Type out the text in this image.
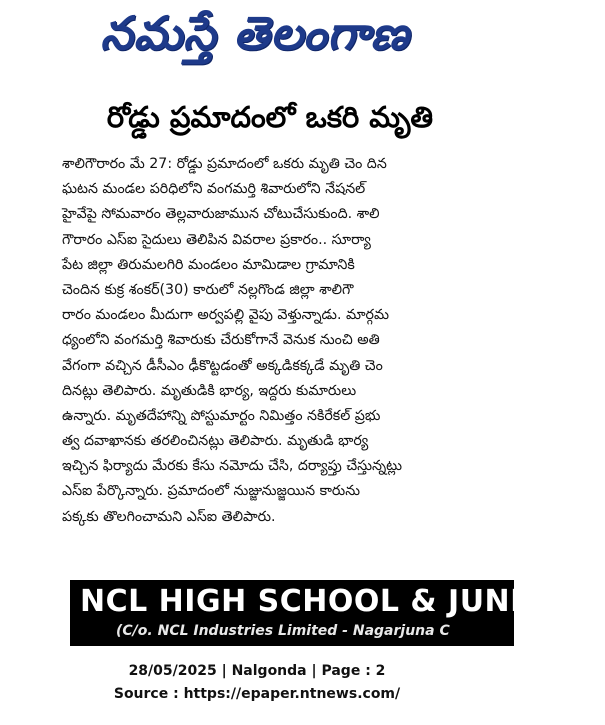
నమస్తే తెలంగాణ
రోడ్డు ప్రమాదంలో ఒకరి మృతి
శాలిగౌరారం మే 27: రోడ్డు ప్రమాదంలో ఒకరు మృతి చెం దిన
ఘటన మండల పరిధిలోని వంగమర్తి శివారులోని నేషనల్
హైవేపై సోమవారం తెల్లవారుజామున చోటుచేసుకుంది. శాలి
గౌరారం ఎస్ఐ సైదులు తెలిపిన వివరాల ప్రకారం.. సూర్యా
పేట జిల్లా తిరుమలగిరి మండలం మామిడాల గ్రామానికి
చెందిన కుక్ర శంకర్(30) కారులో నల్లగొండ జిల్లా శాలిగౌ
రారం మండలం మీదుగా అర్వపల్లి వైపు వెళ్తున్నాడు. మార్గమ
ధ్యంలోని వంగమర్తి శివారుకు చేరుకోగానే వెనుక నుంచి అతి
వేగంగా వచ్చిన డీసీఎం ఢీకొట్టడంతో అక్కడికక్కడే మృతి చెం
దినట్లు తెలిపారు. మృతుడికి భార్య, ఇద్దరు కుమారులు
ఉన్నారు. మృతదేహాన్ని పోస్టుమార్టం నిమిత్తం నకిరేకల్ ప్రభు
త్వ దవాఖానకు తరలించినట్లు తెలిపారు. మృతుడి భార్య
ఇచ్చిన ఫిర్యాదు మేరకు కేసు నమోదు చేసి, దర్యాప్తు చేస్తున్నట్లు
ఎస్ఐ పేర్కొన్నారు. ప్రమాదంలో నుజ్జునుజ్జయిన కారును
పక్కకు తొలగించామని ఎస్ఐ తెలిపారు.
NCL HIGH SCHOOL & JUNIOR C
(C/o. NCL Industries Limited - Nagarjuna C
28/05/2025 | Nalgonda | Page : 2
Source : https://epaper.ntnews.com/
